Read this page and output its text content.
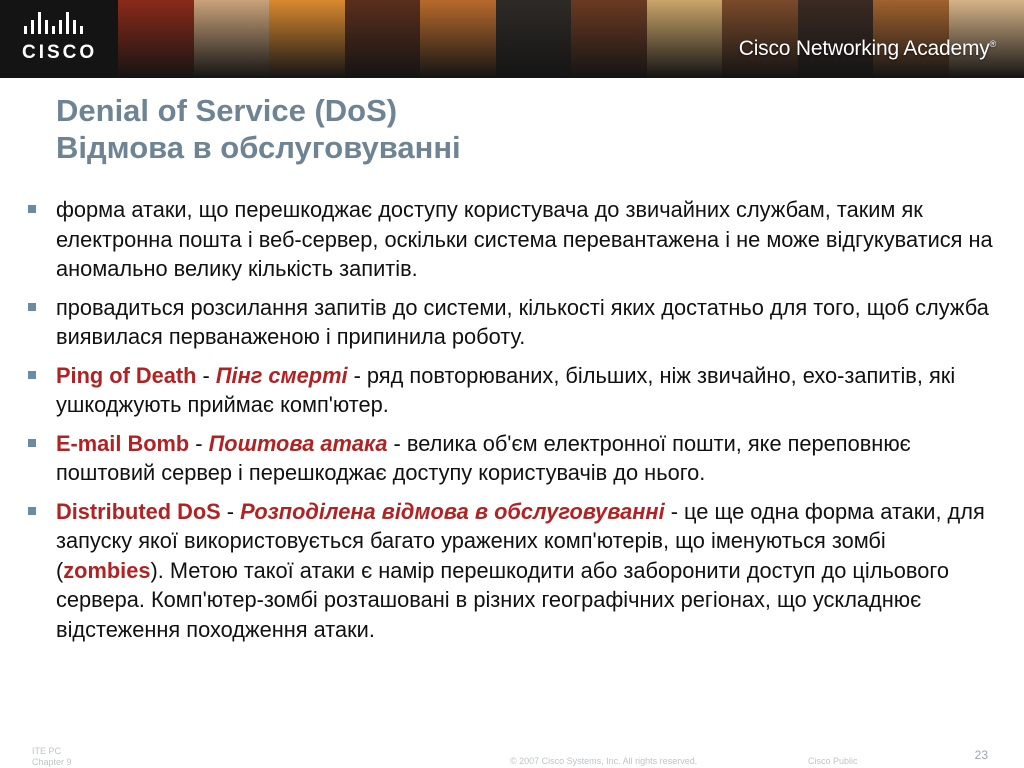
CISCO	Cisco Networking Academy®
Denial of Service (DoS)
Відмова в обслуговуванні
форма атаки, що перешкоджає доступу користувача до звичайних службам, таким як електронна пошта і веб-сервер, оскільки система перевантажена і не може відгукуватися на аномально велику кількість запитів.
провадиться розсилання запитів до системи, кількості яких достатньо для того, щоб служба виявилася перванаженою і припинила роботу.
Ping of Death - Пінг смерті - ряд повторюваних, більших, ніж звичайно, ехо-запитів, які ушкоджують приймає комп'ютер.
E-mail Bomb - Поштова атака - велика об'єм електронної пошти, яке переповнює поштовий сервер і перешкоджає доступу користувачів до нього.
Distributed DoS - Розподілена відмова в обслуговуванні - це ще одна форма атаки, для запуску якої використовується багато уражених комп'ютерів, що іменуються зомбі (zombies). Метою такої атаки є намір перешкодити або заборонити доступ до цільового сервера. Комп'ютер-зомбі розташовані в різних географічних регіонах, що ускладнює відстеження походження атаки.
ITE PC
Chapter 9	© 2007 Cisco Systems, Inc. All rights reserved.	Cisco Public	23
